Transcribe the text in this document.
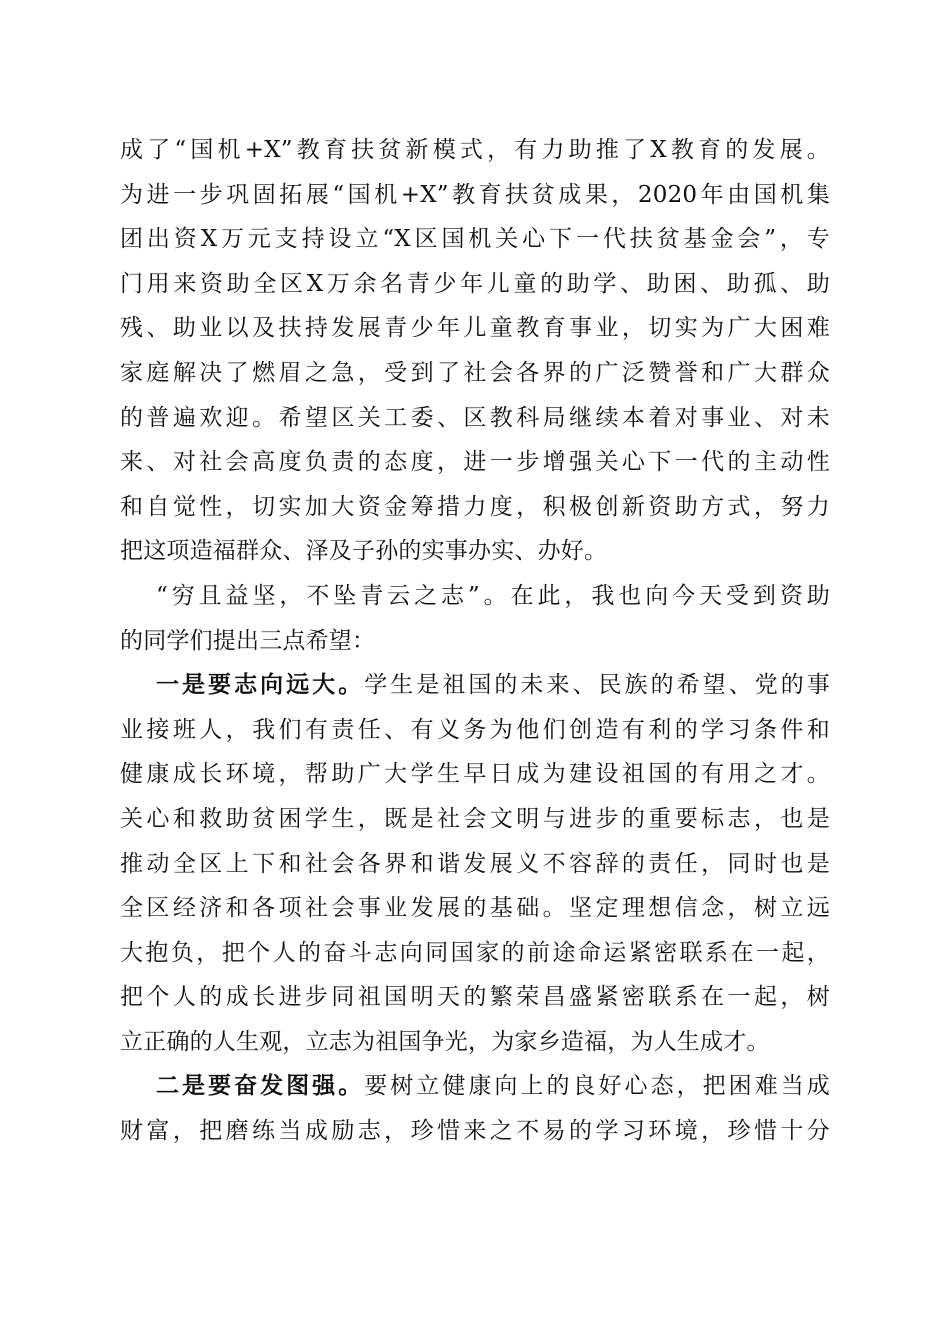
成了“国机+X”教育扶贫新模式，有力助推了X教育的发展。
为进一步巩固拓展“国机+X”教育扶贫成果，2020年由国机集
团出资X万元支持设立“X区国机关心下一代扶贫基金会”，专
门用来资助全区X万余名青少年儿童的助学、助困、助孤、助
残、助业以及扶持发展青少年儿童教育事业，切实为广大困难
家庭解决了燃眉之急，受到了社会各界的广泛赞誉和广大群众
的普遍欢迎。希望区关工委、区教科局继续本着对事业、对未
来、对社会高度负责的态度，进一步增强关心下一代的主动性
和自觉性，切实加大资金筹措力度，积极创新资助方式，努力
把这项造福群众、泽及子孙的实事办实、办好。
“穷且益坚，不坠青云之志”。在此，我也向今天受到资助
的同学们提出三点希望：
一是要志向远大。学生是祖国的未来、民族的希望、党的事
业接班人，我们有责任、有义务为他们创造有利的学习条件和
健康成长环境，帮助广大学生早日成为建设祖国的有用之才。
关心和救助贫困学生，既是社会文明与进步的重要标志，也是
推动全区上下和社会各界和谐发展义不容辞的责任，同时也是
全区经济和各项社会事业发展的基础。坚定理想信念，树立远
大抱负，把个人的奋斗志向同国家的前途命运紧密联系在一起，
把个人的成长进步同祖国明天的繁荣昌盛紧密联系在一起，树
立正确的人生观，立志为祖国争光，为家乡造福，为人生成才。
二是要奋发图强。要树立健康向上的良好心态，把困难当成
财富，把磨练当成励志，珍惜来之不易的学习环境，珍惜十分
